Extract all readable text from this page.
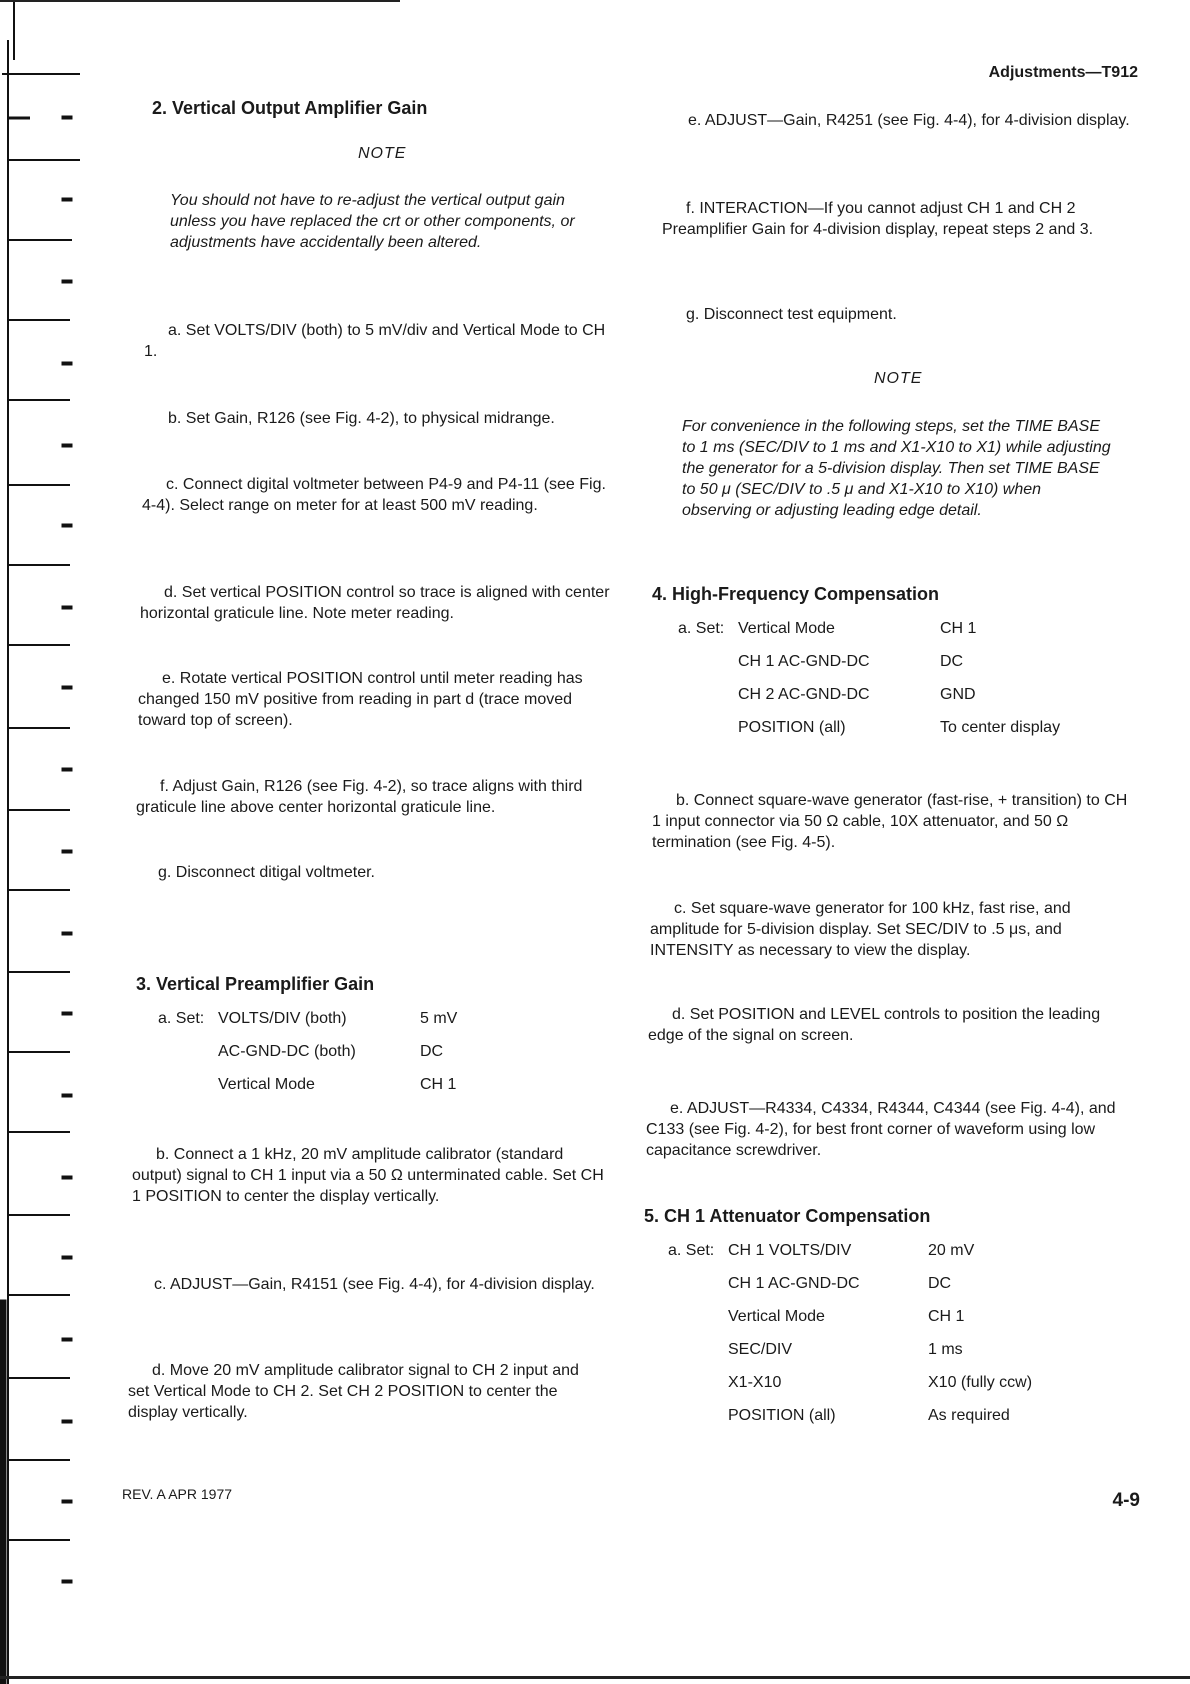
Adjustments—T912
2. Vertical Output Amplifier Gain
NOTE
You should not have to re-adjust the vertical output gain unless you have replaced the crt or other components, or adjustments have accidentally been altered.
a. Set VOLTS/DIV (both) to 5 mV/div and Vertical Mode to CH 1.
b. Set Gain, R126 (see Fig. 4-2), to physical midrange.
c. Connect digital voltmeter between P4-9 and P4-11 (see Fig. 4-4). Select range on meter for at least 500 mV reading.
d. Set vertical POSITION control so trace is aligned with center horizontal graticule line. Note meter reading.
e. Rotate vertical POSITION control until meter reading has changed 150 mV positive from reading in part d (trace moved toward top of screen).
f. Adjust Gain, R126 (see Fig. 4-2), so trace aligns with third graticule line above center horizontal graticule line.
g. Disconnect ditigal voltmeter.
3. Vertical Preamplifier Gain
a. Set: VOLTS/DIV (both)	5 mV
AC-GND-DC (both)	DC
Vertical Mode	CH 1
b. Connect a 1 kHz, 20 mV amplitude calibrator (standard output) signal to CH 1 input via a 50 Ω unterminated cable. Set CH 1 POSITION to center the display vertically.
c. ADJUST—Gain, R4151 (see Fig. 4-4), for 4-division display.
d. Move 20 mV amplitude calibrator signal to CH 2 input and set Vertical Mode to CH 2. Set CH 2 POSITION to center the display vertically.
REV. A APR 1977
e. ADJUST—Gain, R4251 (see Fig. 4-4), for 4-division display.
f. INTERACTION—If you cannot adjust CH 1 and CH 2 Preamplifier Gain for 4-division display, repeat steps 2 and 3.
g. Disconnect test equipment.
NOTE
For convenience in the following steps, set the TIME BASE to 1 ms (SEC/DIV to 1 ms and X1-X10 to X1) while adjusting the generator for a 5-division display. Then set TIME BASE to 50 μ (SEC/DIV to .5 μ and X1-X10 to X10) when observing or adjusting leading edge detail.
4. High-Frequency Compensation
a. Set: Vertical Mode	CH 1
CH 1 AC-GND-DC	DC
CH 2 AC-GND-DC	GND
POSITION (all)	To center display
b. Connect square-wave generator (fast-rise, + transition) to CH 1 input connector via 50 Ω cable, 10X attenuator, and 50 Ω termination (see Fig. 4-5).
c. Set square-wave generator for 100 kHz, fast rise, and amplitude for 5-division display. Set SEC/DIV to .5 μs, and INTENSITY as necessary to view the display.
d. Set POSITION and LEVEL controls to position the leading edge of the signal on screen.
e. ADJUST—R4334, C4334, R4344, C4344 (see Fig. 4-4), and C133 (see Fig. 4-2), for best front corner of waveform using low capacitance screwdriver.
5. CH 1 Attenuator Compensation
a. Set: CH 1 VOLTS/DIV	20 mV
CH 1 AC-GND-DC	DC
Vertical Mode	CH 1
SEC/DIV	1 ms
X1-X10	X10 (fully ccw)
POSITION (all)	As required
4-9
